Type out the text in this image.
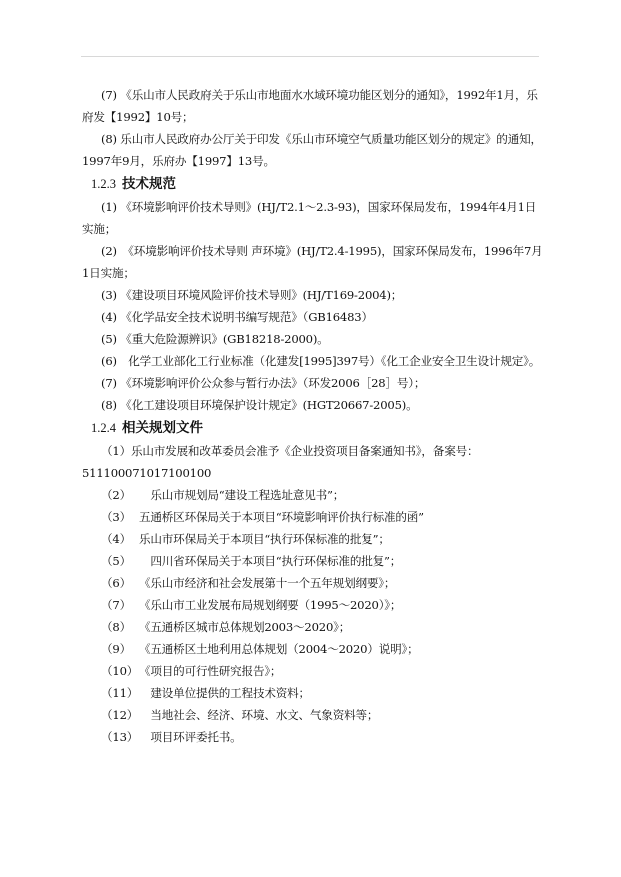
(7) 《乐山市人民政府关于乐山市地面水水域环境功能区划分的通知》，1992年1月，乐府发【1992】10号；

(8) 乐山市人民政府办公厅关于印发《乐山市环境空气质量功能区划分的规定》的通知，1997年9月，乐府办【1997】13号。

1.2.3 技术规范

(1) 《环境影响评价技术导则》(HJ/T2.1～2.3-93)，国家环保局发布，1994年4月1日实施；

(2)　《环境影响评价技术导则 声环境》(HJ/T2.4-1995)，国家环保局发布，1996年7月1日实施；

(3) 《建设项目环境风险评价技术导则》(HJ/T169-2004)；

(4) 《化学品安全技术说明书编写规范》（GB16483）

(5) 《重大危险源辨识》(GB18218-2000)。

(6)　化学工业部化工行业标准（化建发[1995]397号）《化工企业安全卫生设计规定》。

(7) 《环境影响评价公众参与暂行办法》（环发2006［28］号）；

(8) 《化工建设项目环境保护设计规定》(HGT20667-2005)。

1.2.4 相关规划文件

（1）乐山市发展和改革委员会准予《企业投资项目备案通知书》，备案号：511100071017100100

（2）　乐山市规划局“建设工程选址意见书”；

（3） 五通桥区环保局关于本项目“环境影响评价执行标准的函”

（4） 乐山市环保局关于本项目“执行环保标准的批复”；

（5）　四川省环保局关于本项目“执行环保标准的批复”；

（6） 《乐山市经济和社会发展第十一个五年规划纲要》；

（7） 《乐山市工业发展布局规划纲要（1995～2020）》；

（8） 《五通桥区城市总体规划2003～2020》；

（9） 《五通桥区土地利用总体规划（2004～2020）说明》；

（10）《项目的可行性研究报告》；

（11）　建设单位提供的工程技术资料；

（12）　当地社会、经济、环境、水文、气象资料等；

（13）　项目环评委托书。
